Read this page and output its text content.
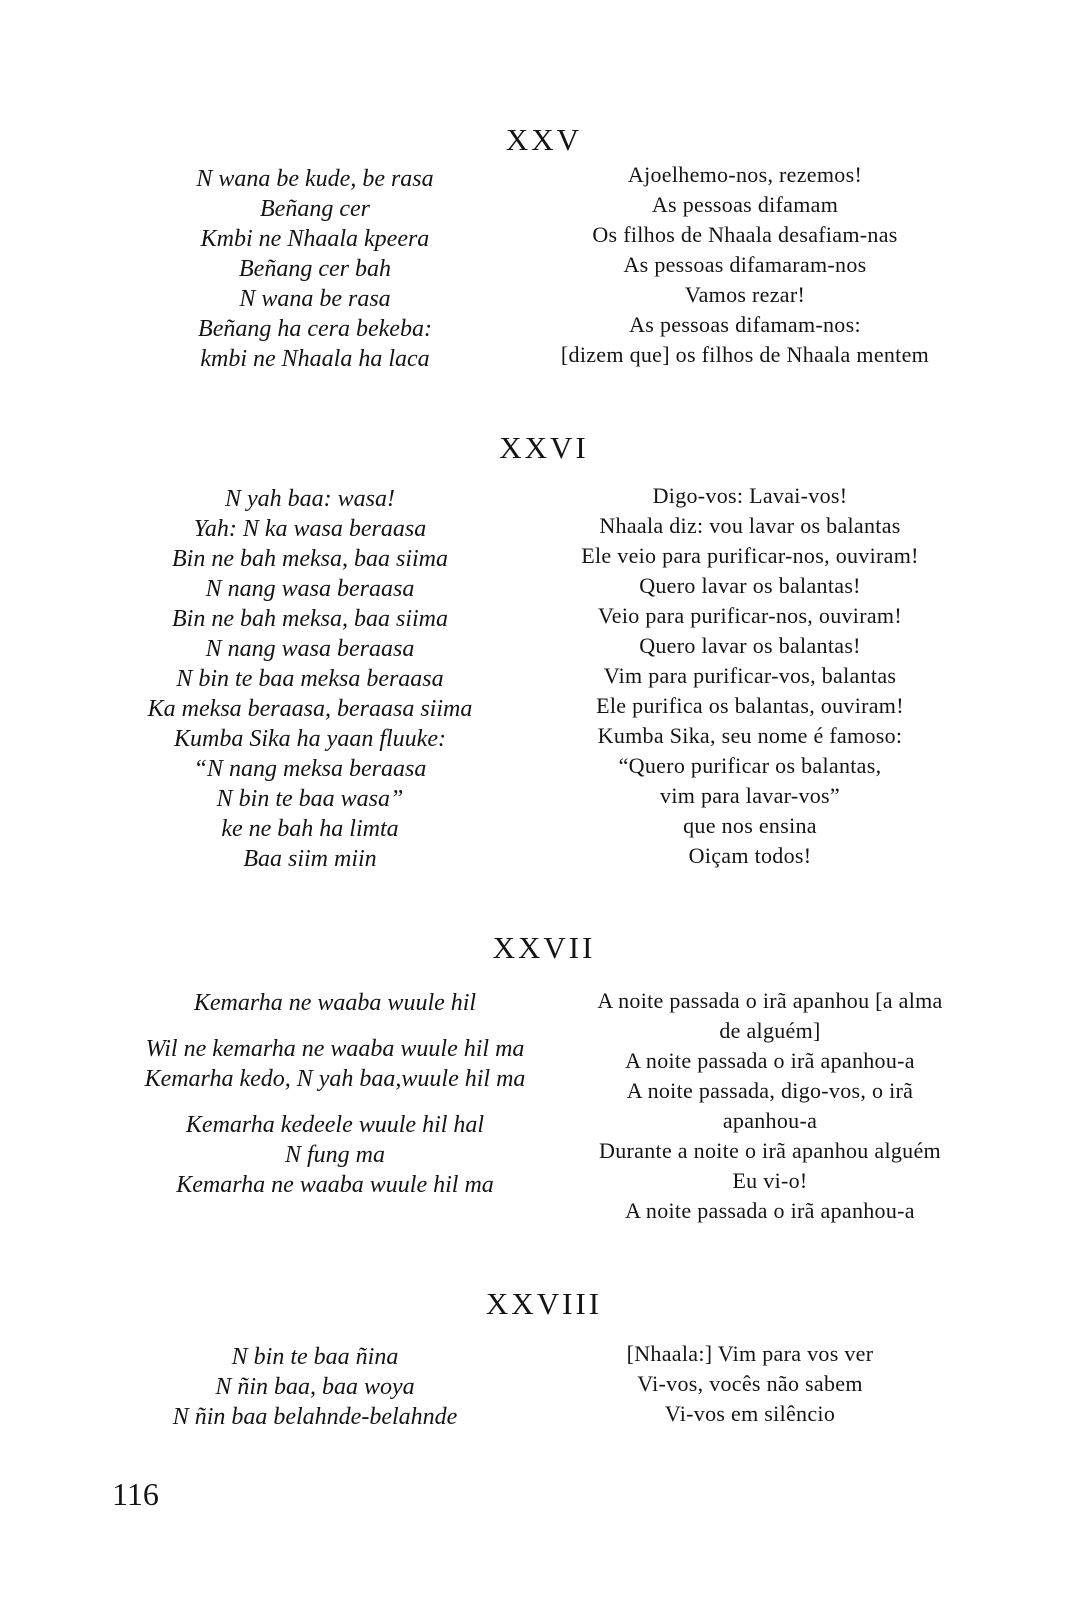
XXV
N wana be kude, be rasa
Beñang cer
Kmbi ne Nhaala kpeera
Beñang cer bah
N wana be rasa
Beñang ha cera bekeba:
kmbi ne Nhaala ha laca
Ajoelhemo-nos, rezemos!
As pessoas difamam
Os filhos de Nhaala desafiam-nas
As pessoas difamaram-nos
Vamos rezar!
As pessoas difamam-nos:
[dizem que] os filhos de Nhaala mentem
XXVI
N yah baa: wasa!
Yah: N ka wasa beraasa
Bin ne bah meksa, baa siima
N nang wasa beraasa
Bin ne bah meksa, baa siima
N nang wasa beraasa
N bin te baa meksa beraasa
Ka meksa beraasa, beraasa siima
Kumba Sika ha yaan fluuke:
“N nang meksa beraasa
N bin te baa wasa”
ke ne bah ha limta
Baa siim miin
Digo-vos: Lavai-vos!
Nhaala diz: vou lavar os balantas
Ele veio para purificar-nos, ouviram!
Quero lavar os balantas!
Veio para purificar-nos, ouviram!
Quero lavar os balantas!
Vim para purificar-vos, balantas
Ele purifica os balantas, ouviram!
Kumba Sika, seu nome é famoso:
“Quero purificar os balantas,
vim para lavar-vos”
que nos ensina
Oiçam todos!
XXVII
Kemarha ne waaba wuule hil
Wil ne kemarha ne waaba wuule hil ma
Kemarha kedo, N yah baa,wuule hil ma
Kemarha kedeele wuule hil hal
N fung ma
Kemarha ne waaba wuule hil ma
A noite passada o irã apanhou [a alma
de alguém]
A noite passada o irã apanhou-a
A noite passada, digo-vos, o irã
apanhou-a
Durante a noite o irã apanhou alguém
Eu vi-o!
A noite passada o irã apanhou-a
XXVIII
N bin te baa ñina
N ñin baa, baa woya
N ñin baa belahnde-belahnde
[Nhaala:] Vim para vos ver
Vi-vos, vocês não sabem
Vi-vos em silêncio
116
